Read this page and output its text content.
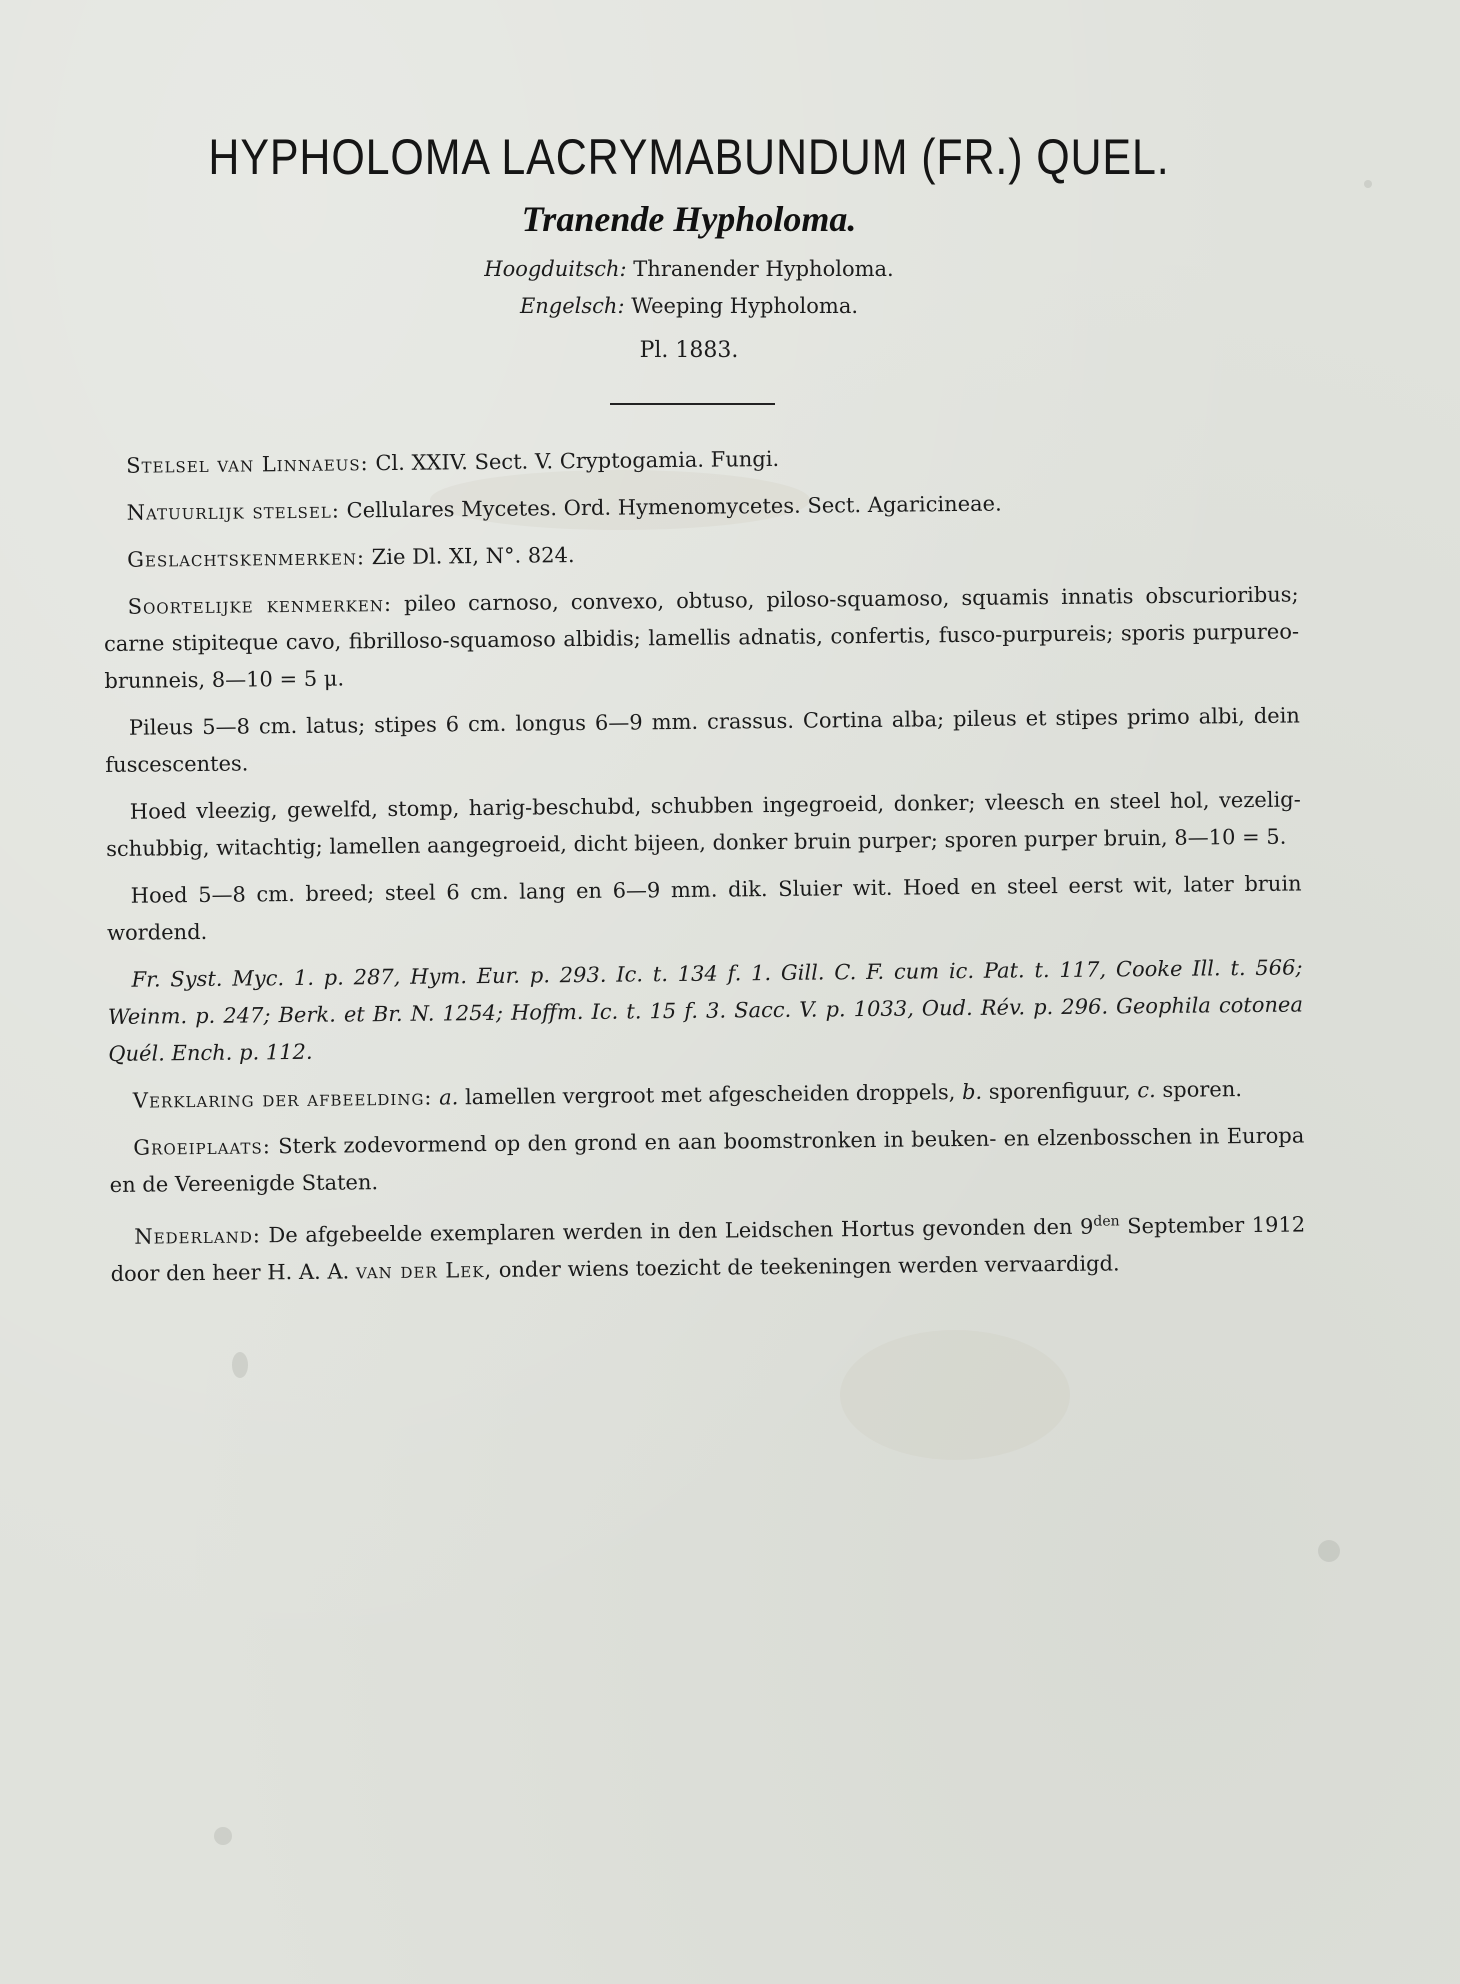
HYPHOLOMA LACRYMABUNDUM (FR.) QUEL.
Tranende Hypholoma.
Hoogduitsch: Thranender Hypholoma.
Engelsch: Weeping Hypholoma.
Pl. 1883.

Stelsel van Linnaeus: Cl. XXIV. Sect. V. Cryptogamia. Fungi.

Natuurlijk stelsel: Cellulares Mycetes. Ord. Hymenomycetes. Sect. Agaricineae.

Geslachtskenmerken: Zie Dl. XI, N°. 824.

Soortelijke kenmerken: pileo carnoso, convexo, obtuso, piloso-squamoso, squamis innatis obscurioribus; carne stipiteque cavo, fibrilloso-squamoso albidis; lamellis adnatis, confertis, fusco-purpureis; sporis purpureo-brunneis, 8—10 = 5 μ.

Pileus 5—8 cm. latus; stipes 6 cm. longus 6—9 mm. crassus. Cortina alba; pileus et stipes primo albi, dein fuscescentes.

Hoed vleezig, gewelfd, stomp, harig-beschubd, schubben ingegroeid, donker; vleesch en steel hol, vezelig-schubbig, witachtig; lamellen aangegroeid, dicht bijeen, donker bruin purper; sporen purper bruin, 8—10 = 5.

Hoed 5—8 cm. breed; steel 6 cm. lang en 6—9 mm. dik. Sluier wit. Hoed en steel eerst wit, later bruin wordend.

Fr. Syst. Myc. 1. p. 287, Hym. Eur. p. 293. Ic. t. 134 f. 1. Gill. C. F. cum ic. Pat. t. 117, Cooke Ill. t. 566; Weinm. p. 247; Berk. et Br. N. 1254; Hoffm. Ic. t. 15 f. 3. Sacc. V. p. 1033, Oud. Rév. p. 296. Geophila cotonea Quél. Ench. p. 112.

Verklaring der afbeelding: a. lamellen vergroot met afgescheiden droppels, b. sporenfiguur, c. sporen.

Groeiplaats: Sterk zodevormend op den grond en aan boomstronken in beuken- en elzenbosschen in Europa en de Vereenigde Staten.

Nederland: De afgebeelde exemplaren werden in den Leidschen Hortus gevonden den $9^{den}$ September 1912 door den heer H. A. A. van der Lek, onder wiens toezicht de teekeningen werden vervaardigd.
